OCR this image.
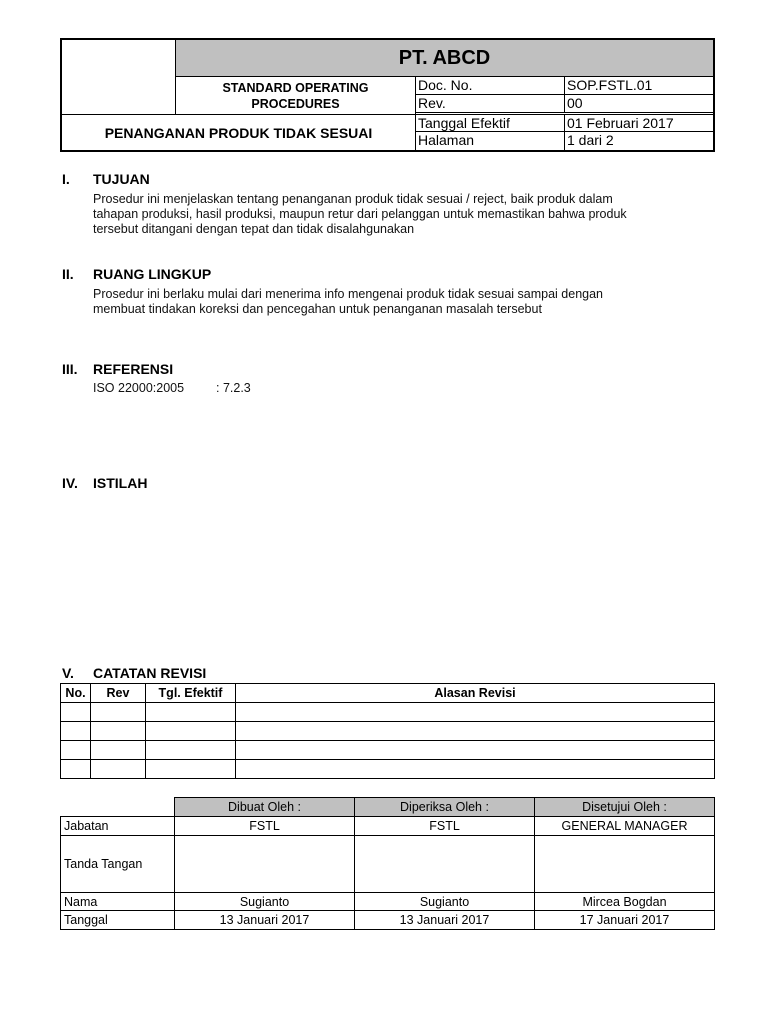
PT. ABCD
STANDARD OPERATING
PROCEDURES
PENANGANAN PRODUK TIDAK SESUAI
Doc. No.	SOP.FSTL.01
Rev.	00
Tanggal Efektif	01 Februari 2017
Halaman	1 dari 2
I. TUJUAN
Prosedur ini menjelaskan tentang penanganan produk tidak sesuai / reject, baik produk dalam
tahapan produksi, hasil produksi, maupun retur dari pelanggan untuk memastikan bahwa produk
tersebut ditangani dengan tepat dan tidak disalahgunakan
II. RUANG LINGKUP
Prosedur ini berlaku mulai dari menerima info mengenai produk tidak sesuai sampai dengan
membuat tindakan koreksi dan pencegahan untuk penanganan masalah tersebut
III. REFERENSI
ISO 22000:2005	: 7.2.3
IV. ISTILAH
V. CATATAN REVISI
No.	Rev	Tgl. Efektif	Alasan Revisi

	Dibuat Oleh :	Diperiksa Oleh :	Disetujui Oleh :
Jabatan	FSTL	FSTL	GENERAL MANAGER
Tanda Tangan			
Nama	Sugianto	Sugianto	Mircea Bogdan
Tanggal	13 Januari 2017	13 Januari 2017	17 Januari 2017
